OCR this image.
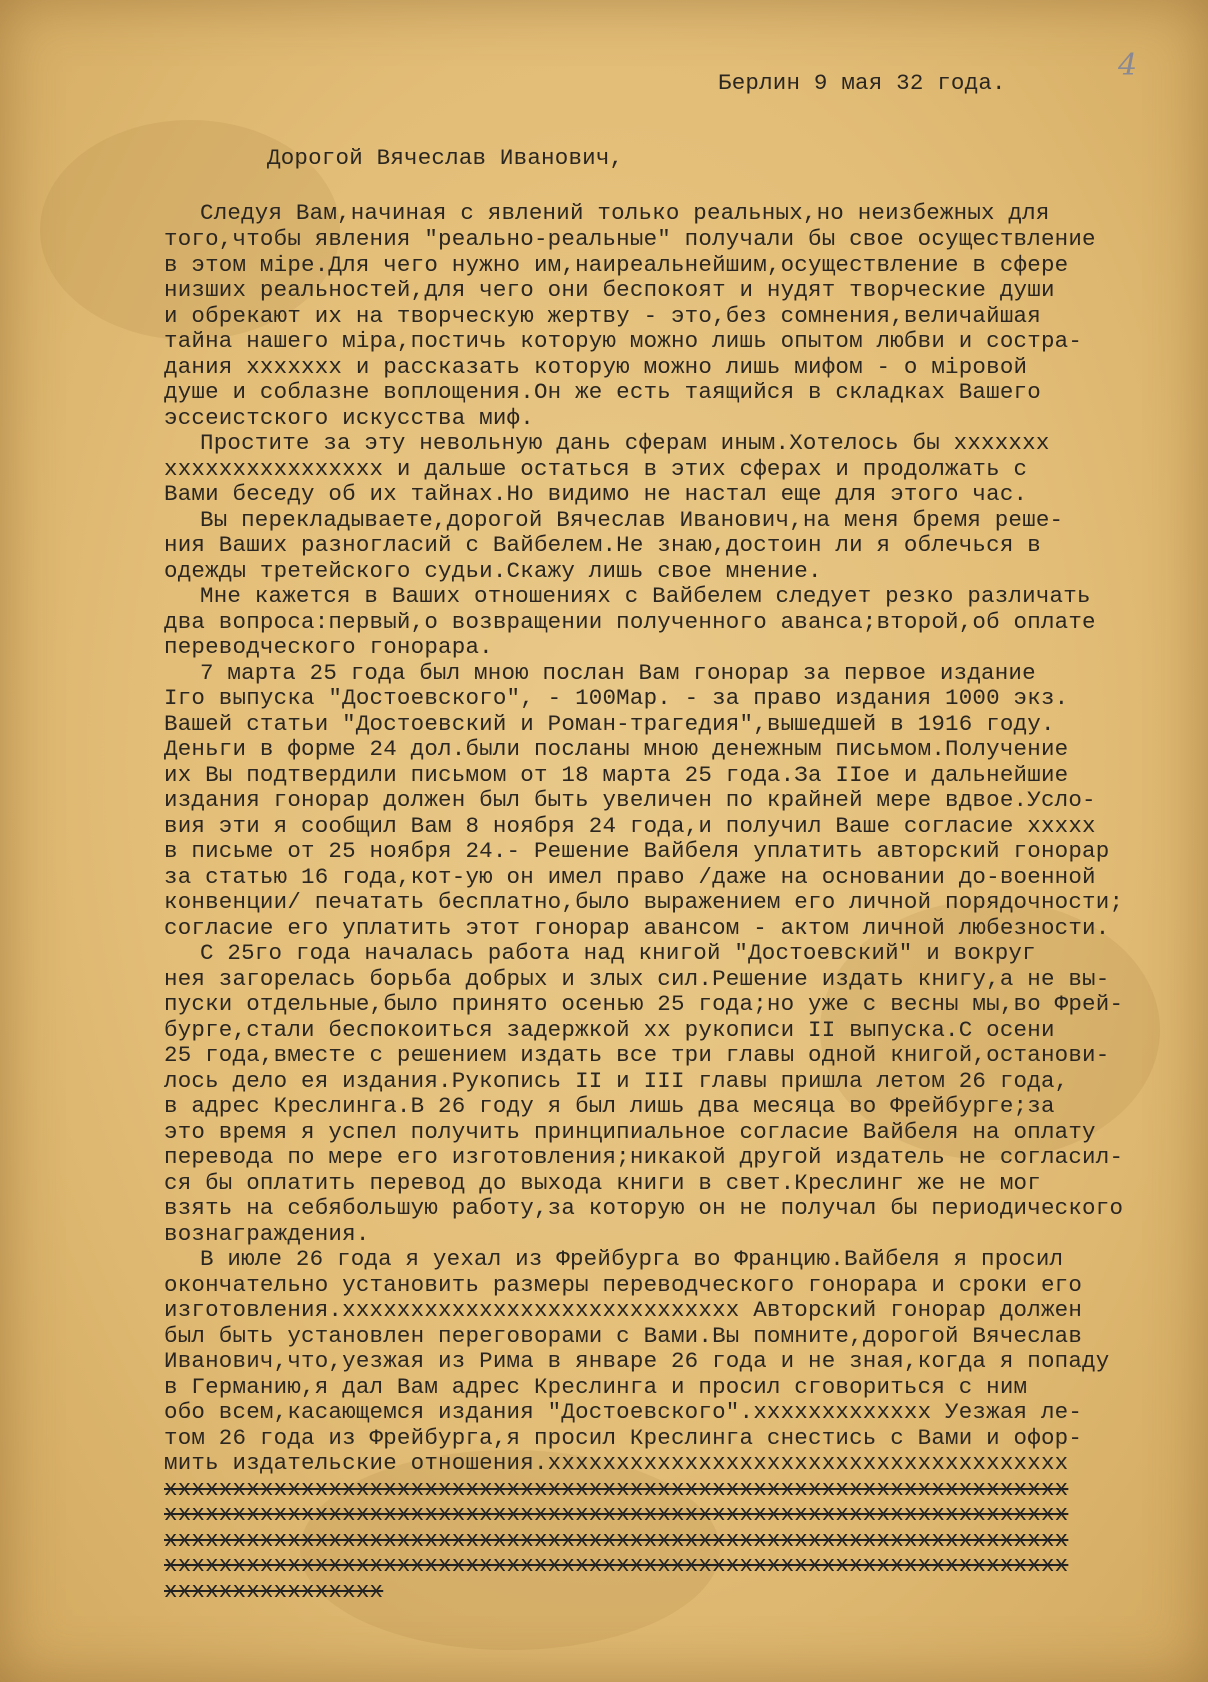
4

Берлин 9 мая 32 года.

Дорогой Вячеслав Иванович,

Следуя Вам,начиная с явлений только реальных,но неизбежных для
того,чтобы явления "реально-реальные" получали бы свое осуществление
в этом міре.Для чего нужно им,наиреальнейшим,осуществление в сфере
низших реальностей,для чего они беспокоят и нудят творческие души
и обрекают их на творческую жертву - это,без сомнения,величайшая
тайна нашего міра,постичь которую можно лишь опытом любви и состра-
дания xxxxxxx и рассказать которую можно лишь мифом - о міровой
душе и соблазне воплощения.Он же есть таящийся в складках Вашего
эссеистского искусства миф.
Простите за эту невольную дань сферам иным.Хотелось бы xxxxxxx
xxxxxxxxxxxxxxxx и дальше остаться в этих сферах и продолжать с
Вами беседу об их тайнах.Но видимо не настал еще для этого час.
Вы перекладываете,дорогой Вячеслав Иванович,на меня бремя реше-
ния Ваших разногласий с Вайбелем.Не знаю,достоин ли я облечься в
одежды третейского судьи.Скажу лишь свое мнение.
Мне кажется в Ваших отношениях с Вайбелем следует резко различать
два вопроса:первый,о возвращении полученного аванса;второй,об оплате
переводческого гонорара.
7 марта 25 года был мною послан Вам гонорар за первое издание
Iго выпуска "Достоевского", - 100Мар. - за право издания 1000 экз.
Вашей статьи "Достоевский и Роман-трагедия",вышедшей в 1916 году.
Деньги в форме 24 дол.были посланы мною денежным письмом.Получение
их Вы подтвердили письмом от 18 марта 25 года.За IIое и дальнейшие
издания гонорар должен был быть увеличен по крайней мере вдвое.Усло-
вия эти я сообщил Вам 8 ноября 24 года,и получил Ваше согласие xxxxx
в письме от 25 ноября 24.- Решение Вайбеля уплатить авторский гонорар
за статью 16 года,кот-ую он имел право /даже на основании до-военной
конвенции/ печатать бесплатно,было выражением его личной порядочности;
согласие его уплатить этот гонорар авансом - актом личной любезности.
С 25го года началась работа над книгой "Достоевский" и вокруг
нея загорелась борьба добрых и злых сил.Решение издать книгу,а не вы-
пуски отдельные,было принято осенью 25 года;но уже с весны мы,во Фрей-
бурге,стали беспокоиться задержкой xx рукописи II выпуска.С осени
25 года,вместе с решением издать все три главы одной книгой,останови-
лось дело ея издания.Рукопись II и III главы пришла летом 26 года,
в адрес Креслинга.В 26 году я был лишь два месяца во Фрейбурге;за
это время я успел получить принципиальное согласие Вайбеля на оплату
перевода по мере его изготовления;никакой другой издатель не согласил-
ся бы оплатить перевод до выхода книги в свет.Креслинг же не мог
взять на себябольшую работу,за которую он не получал бы периодического
вознаграждения.
В июле 26 года я уехал из Фрейбурга во Францию.Вайбеля я просил
окончательно установить размеры переводческого гонорара и сроки его
изготовления.xxxxxxxxxxxxxxxxxxxxxxxxxxxxx Авторский гонорар должен
был быть установлен переговорами с Вами.Вы помните,дорогой Вячеслав
Иванович,что,уезжая из Рима в январе 26 года и не зная,когда я попаду
в Германию,я дал Вам адрес Креслинга и просил сговориться с ним
обо всем,касающемся издания "Достоевского".xxxxxxxxxxxxx Уезжая ле-
том 26 года из Фрейбурга,я просил Креслинга снестись с Вами и офор-
мить издательские отношения.xxxxxxxxxxxxxxxxxxxxxxxxxxxxxxxxxxxxxx
xxxxxxxxxxxxxxxxxxxxxxxxxxxxxxxxxxxxxxxxxxxxxxxxxxxxxxxxxxxxxxxxxx
xxxxxxxxxxxxxxxxxxxxxxxxxxxxxxxxxxxxxxxxxxxxxxxxxxxxxxxxxxxxxxxxxx
xxxxxxxxxxxxxxxxxxxxxxxxxxxxxxxxxxxxxxxxxxxxxxxxxxxxxxxxxxxxxxxxxx
xxxxxxxxxxxxxxxxxxxxxxxxxxxxxxxxxxxxxxxxxxxxxxxxxxxxxxxxxxxxxxxxxx
xxxxxxxxxxxxxxxx
